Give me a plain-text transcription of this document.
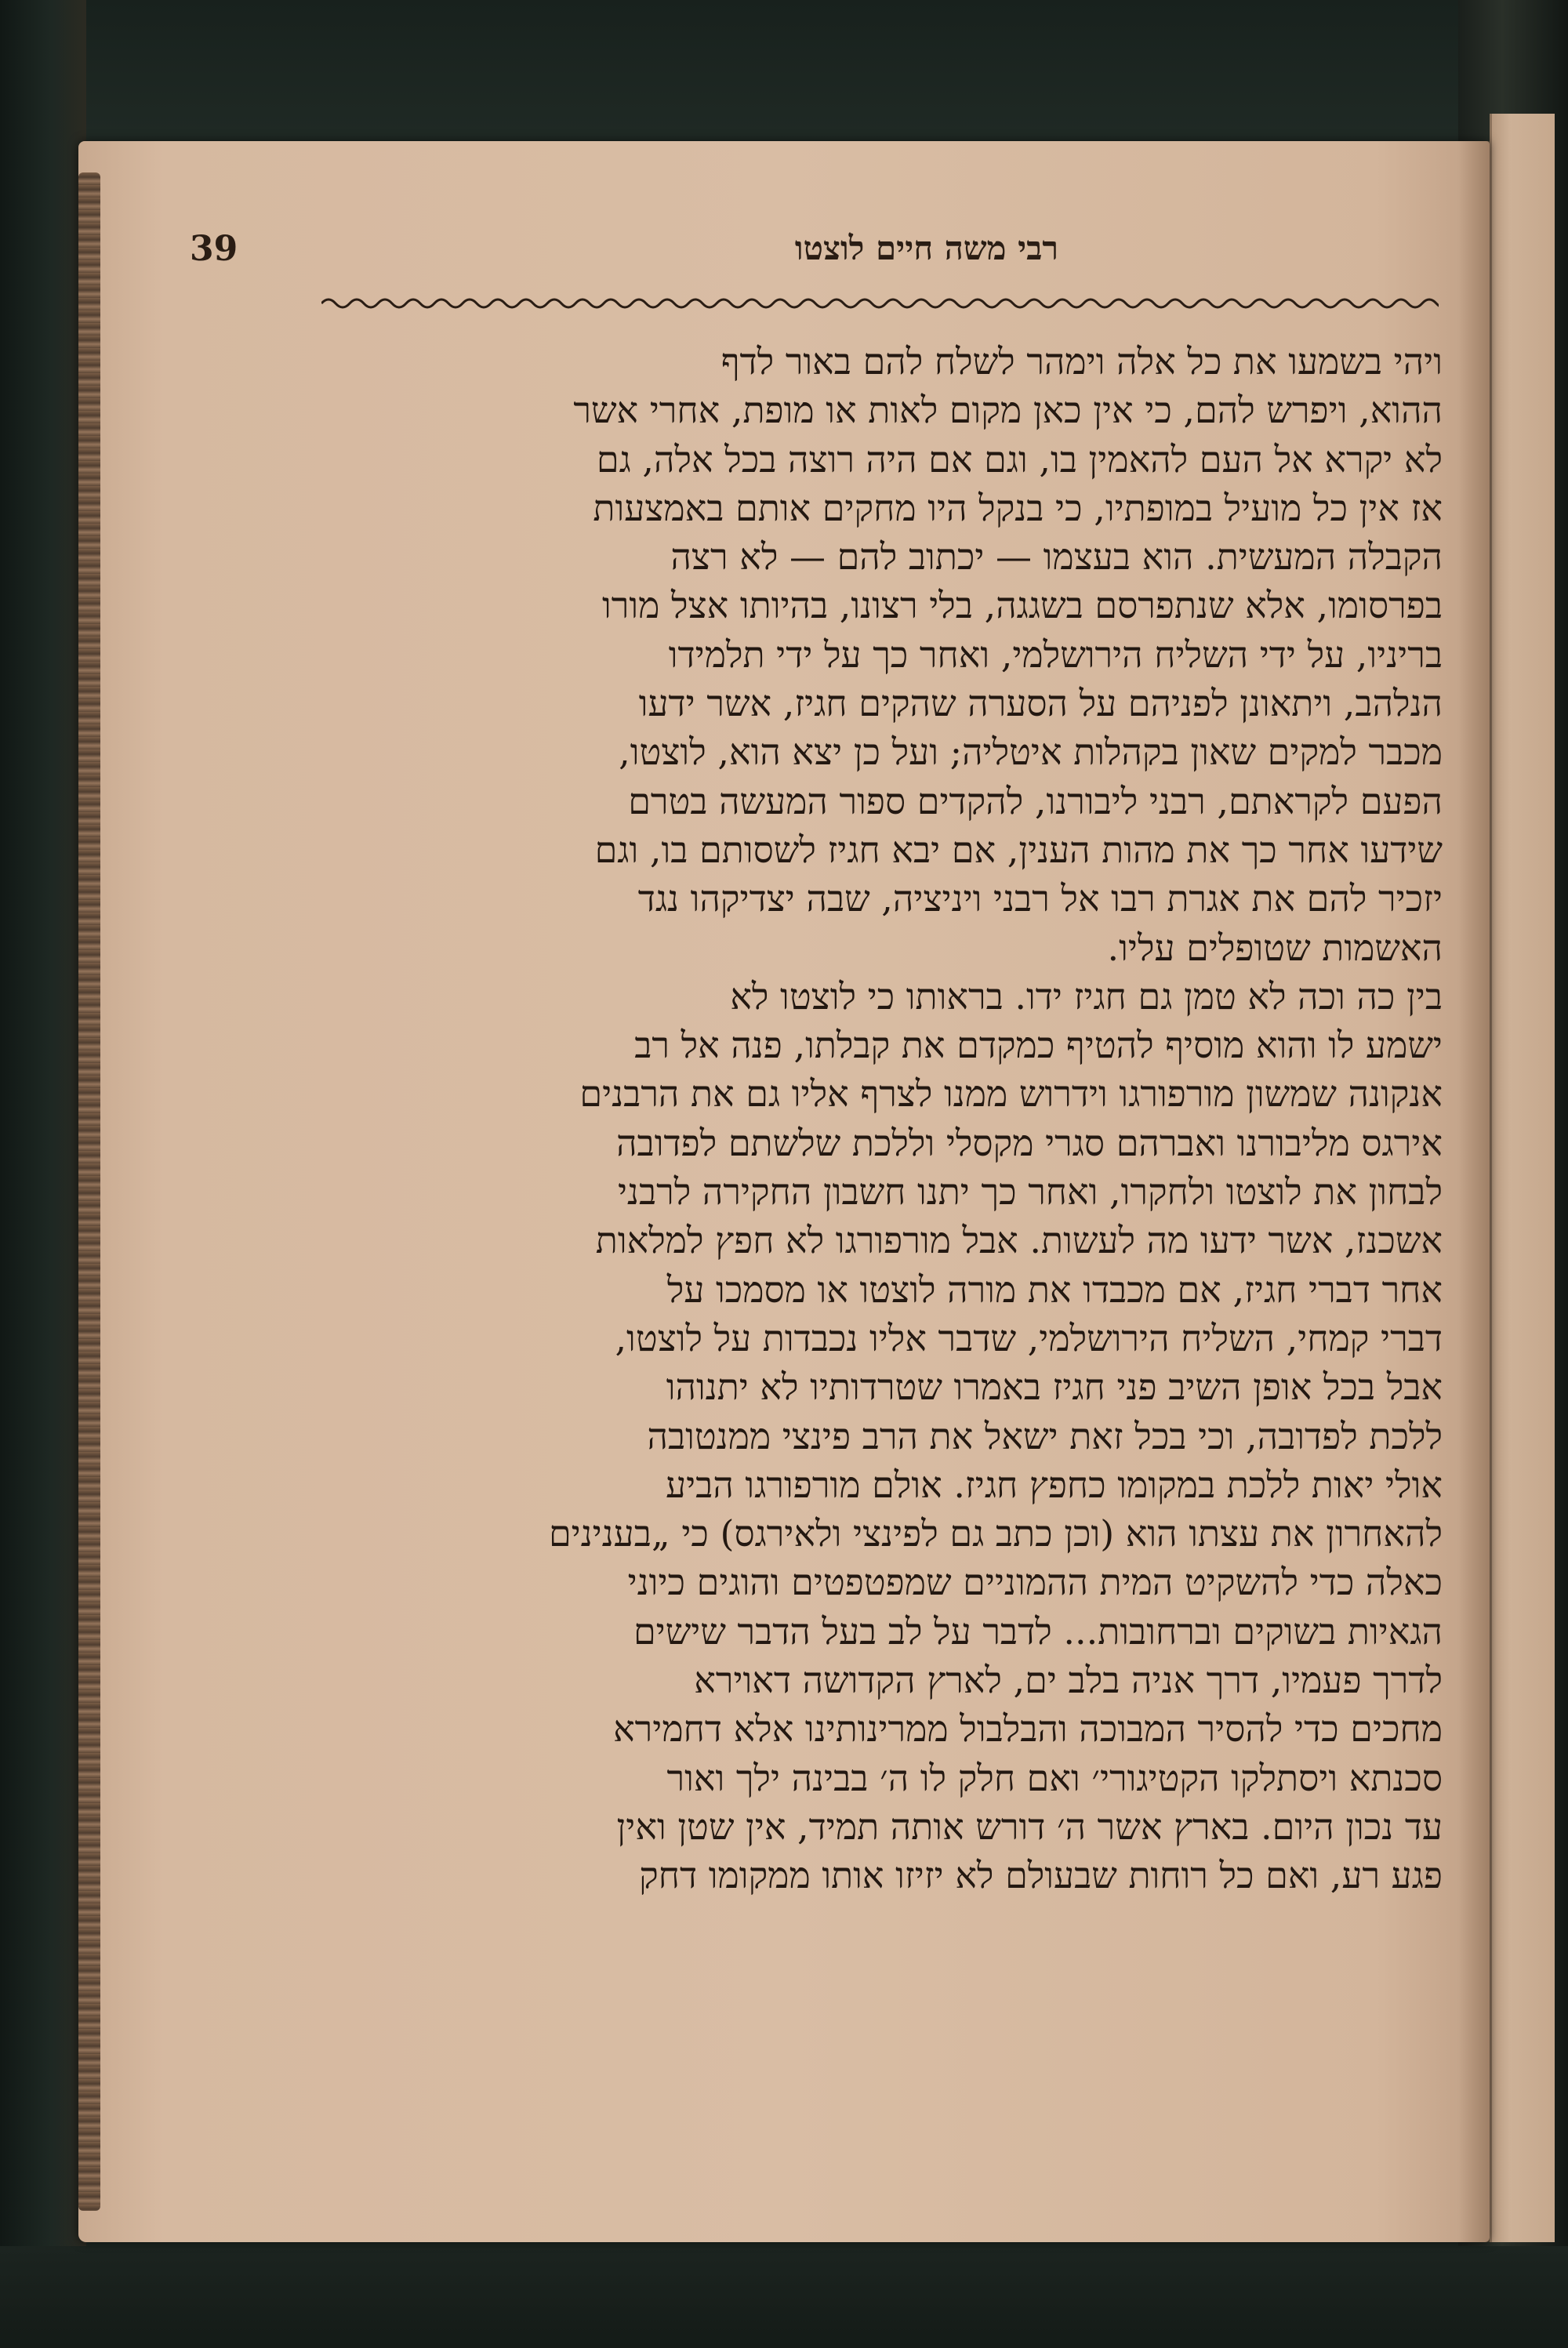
רבי משה חיים לוצטו
39

ויהי בשמעו את כל אלה וימהר לשלח להם באור לדף
ההוא, ויפרש להם, כי אין כאן מקום לאות או מופת, אחרי אשר
לא יקרא אל העם להאמין בו, וגם אם היה רוצה בכל אלה, גם
אז אין כל מועיל במופתיו, כי בנקל היו מחקים אותם באמצעות
הקבלה המעשית. הוא בעצמו — יכתוב להם — לא רצה
בפרסומו, אלא שנתפרסם בשגגה, בלי רצונו, בהיותו אצל מורו
בריניו, על ידי השליח הירושלמי, ואחר כך על ידי תלמידו
הנלהב, ויתאונן לפניהם על הסערה שהקים חגיז, אשר ידעו
מכבר למקים שאון בקהלות איטליה; ועל כן יצא הוא, לוצטו,
הפעם לקראתם, רבני ליבורנו, להקדים ספור המעשה בטרם
שידעו אחר כך את מהות הענין, אם יבא חגיז לשסותם בו, וגם
יזכיר להם את אגרת רבו אל רבני ויניציה, שבה יצדיקהו נגד
האשמות שטופלים עליו.

בין כה וכה לא טמן גם חגיז ידו. בראותו כי לוצטו לא
ישמע לו והוא מוסיף להטיף כמקדם את קבלתו, פנה אל רב
אנקונה שמשון מורפורגו וידרוש ממנו לצרף אליו גם את הרבנים
אירגס מליבורנו ואברהם סגרי מקסלי וללכת שלשתם לפדובה
לבחון את לוצטו ולחקרו, ואחר כך יתנו חשבון החקירה לרבני
אשכנז, אשר ידעו מה לעשות. אבל מורפורגו לא חפץ למלאות
אחר דברי חגיז, אם מכבדו את מורה לוצטו או מסמכו על
דברי קמחי, השליח הירושלמי, שדבר אליו נכבדות על לוצטו,
אבל בכל אופן השיב פני חגיז באמרו שטרדותיו לא יתנוהו
ללכת לפדובה, וכי בכל זאת ישאל את הרב פינצי ממנטובה
אולי יאות ללכת במקומו כחפץ חגיז. אולם מורפורגו הביע
להאחרון את עצתו הוא (וכן כתב גם לפינצי ולאירגס) כי „בענינים
כאלה כדי להשקיט המית ההמוניים שמפטפטים והוגים כיוני
הגאיות בשוקים וברחובות... לדבר על לב בעל הדבר שישים
לדרך פעמיו, דרך אניה בלב ים, לארץ הקדושה דאוירא
מחכים כדי להסיר המבוכה והבלבול ממרינותינו אלא דחמירא
סכנתא ויסתלקו הקטיגורי׳ ואם חלק לו ה׳ בבינה ילך ואור
עד נכון היום. בארץ אשר ה׳ דורש אותה תמיד, אין שטן ואין
פגע רע, ואם כל רוחות שבעולם לא יזיזו אותו ממקומו דחק
